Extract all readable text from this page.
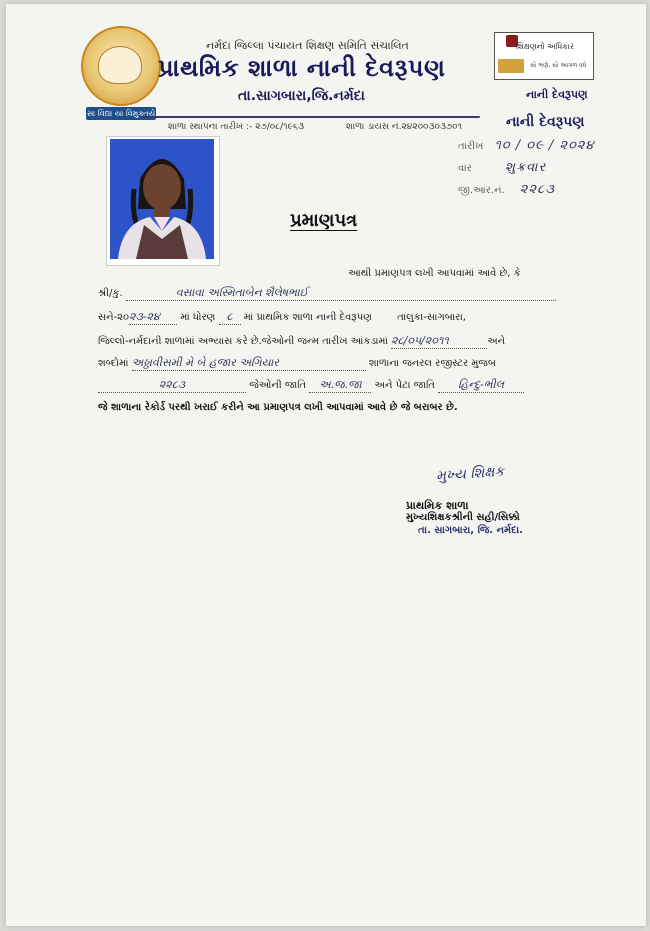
સા વિદ્યા યા વિમુક્તયે
નર્મદા જિલ્લા પંચાયત શિક્ષણ સમિતિ સંચાલિત
પ્રાથમિક શાળા નાની દેવરૂપણ
તા.સાગબારા,જિ.નર્મદા
શિક્ષણનો અધિકાર
સૌ ભણે, સૌ આગળ વધે
નાની દેવરૂપણ
નાની દેવરૂપણ
શાળા સ્થાપના તારીખ :- ૨૭/૦૮/૧૯૬૩	શાળા ડાયસ નં.૨૪૨૦૦૩૦૩૭૦૧
તારીખ ૧૦ / ૦૯ / ૨૦૨૪
વાર	શુક્રવાર
જી.આર.નં. ૨૨૮૩
પ્રમાણપત્ર
આથી પ્રમાણપત્ર લખી આપવામાં આવે છે, કે
શ્રી/કુ.	વસાવા અસ્મિતાબેન શૈલેષભાઈ
સને-૨૦૨૩-૨૪ માં ધોરણ ૮ માં પ્રાથમિક શાળા નાની દેવરૂપણ	તાલુકા-સાગબારા,
જિલ્લો-નર્મદાની શાળામાં અભ્યાસ કરે છે.જેઓની જન્મ તારીખ આંકડામાં ૨૮/૦૫/૨૦૧૧	અને
શબ્દોમાં અઠ્ઠાવીસમી મે બે હજાર અગિયાર	શાળાના જનરલ રજીસ્ટર મુજબ
૨૨૮૩	જેઓની જાતિ અ.જ.જા અને પેટા જાતિ હિન્દુ-ભીલ
જે શાળાના રેકોર્ડ પરથી ખરાઈ કરીને આ પ્રમાણપત્ર લખી આપવામાં આવે છે જે બરાબર છે.
મુખ્ય શિક્ષક
પ્રાથમિક શાળા
મુખ્યશિક્ષકશ્રીની સહી/સિક્કો
તા. સાગબારા, જિ. નર્મદા.
